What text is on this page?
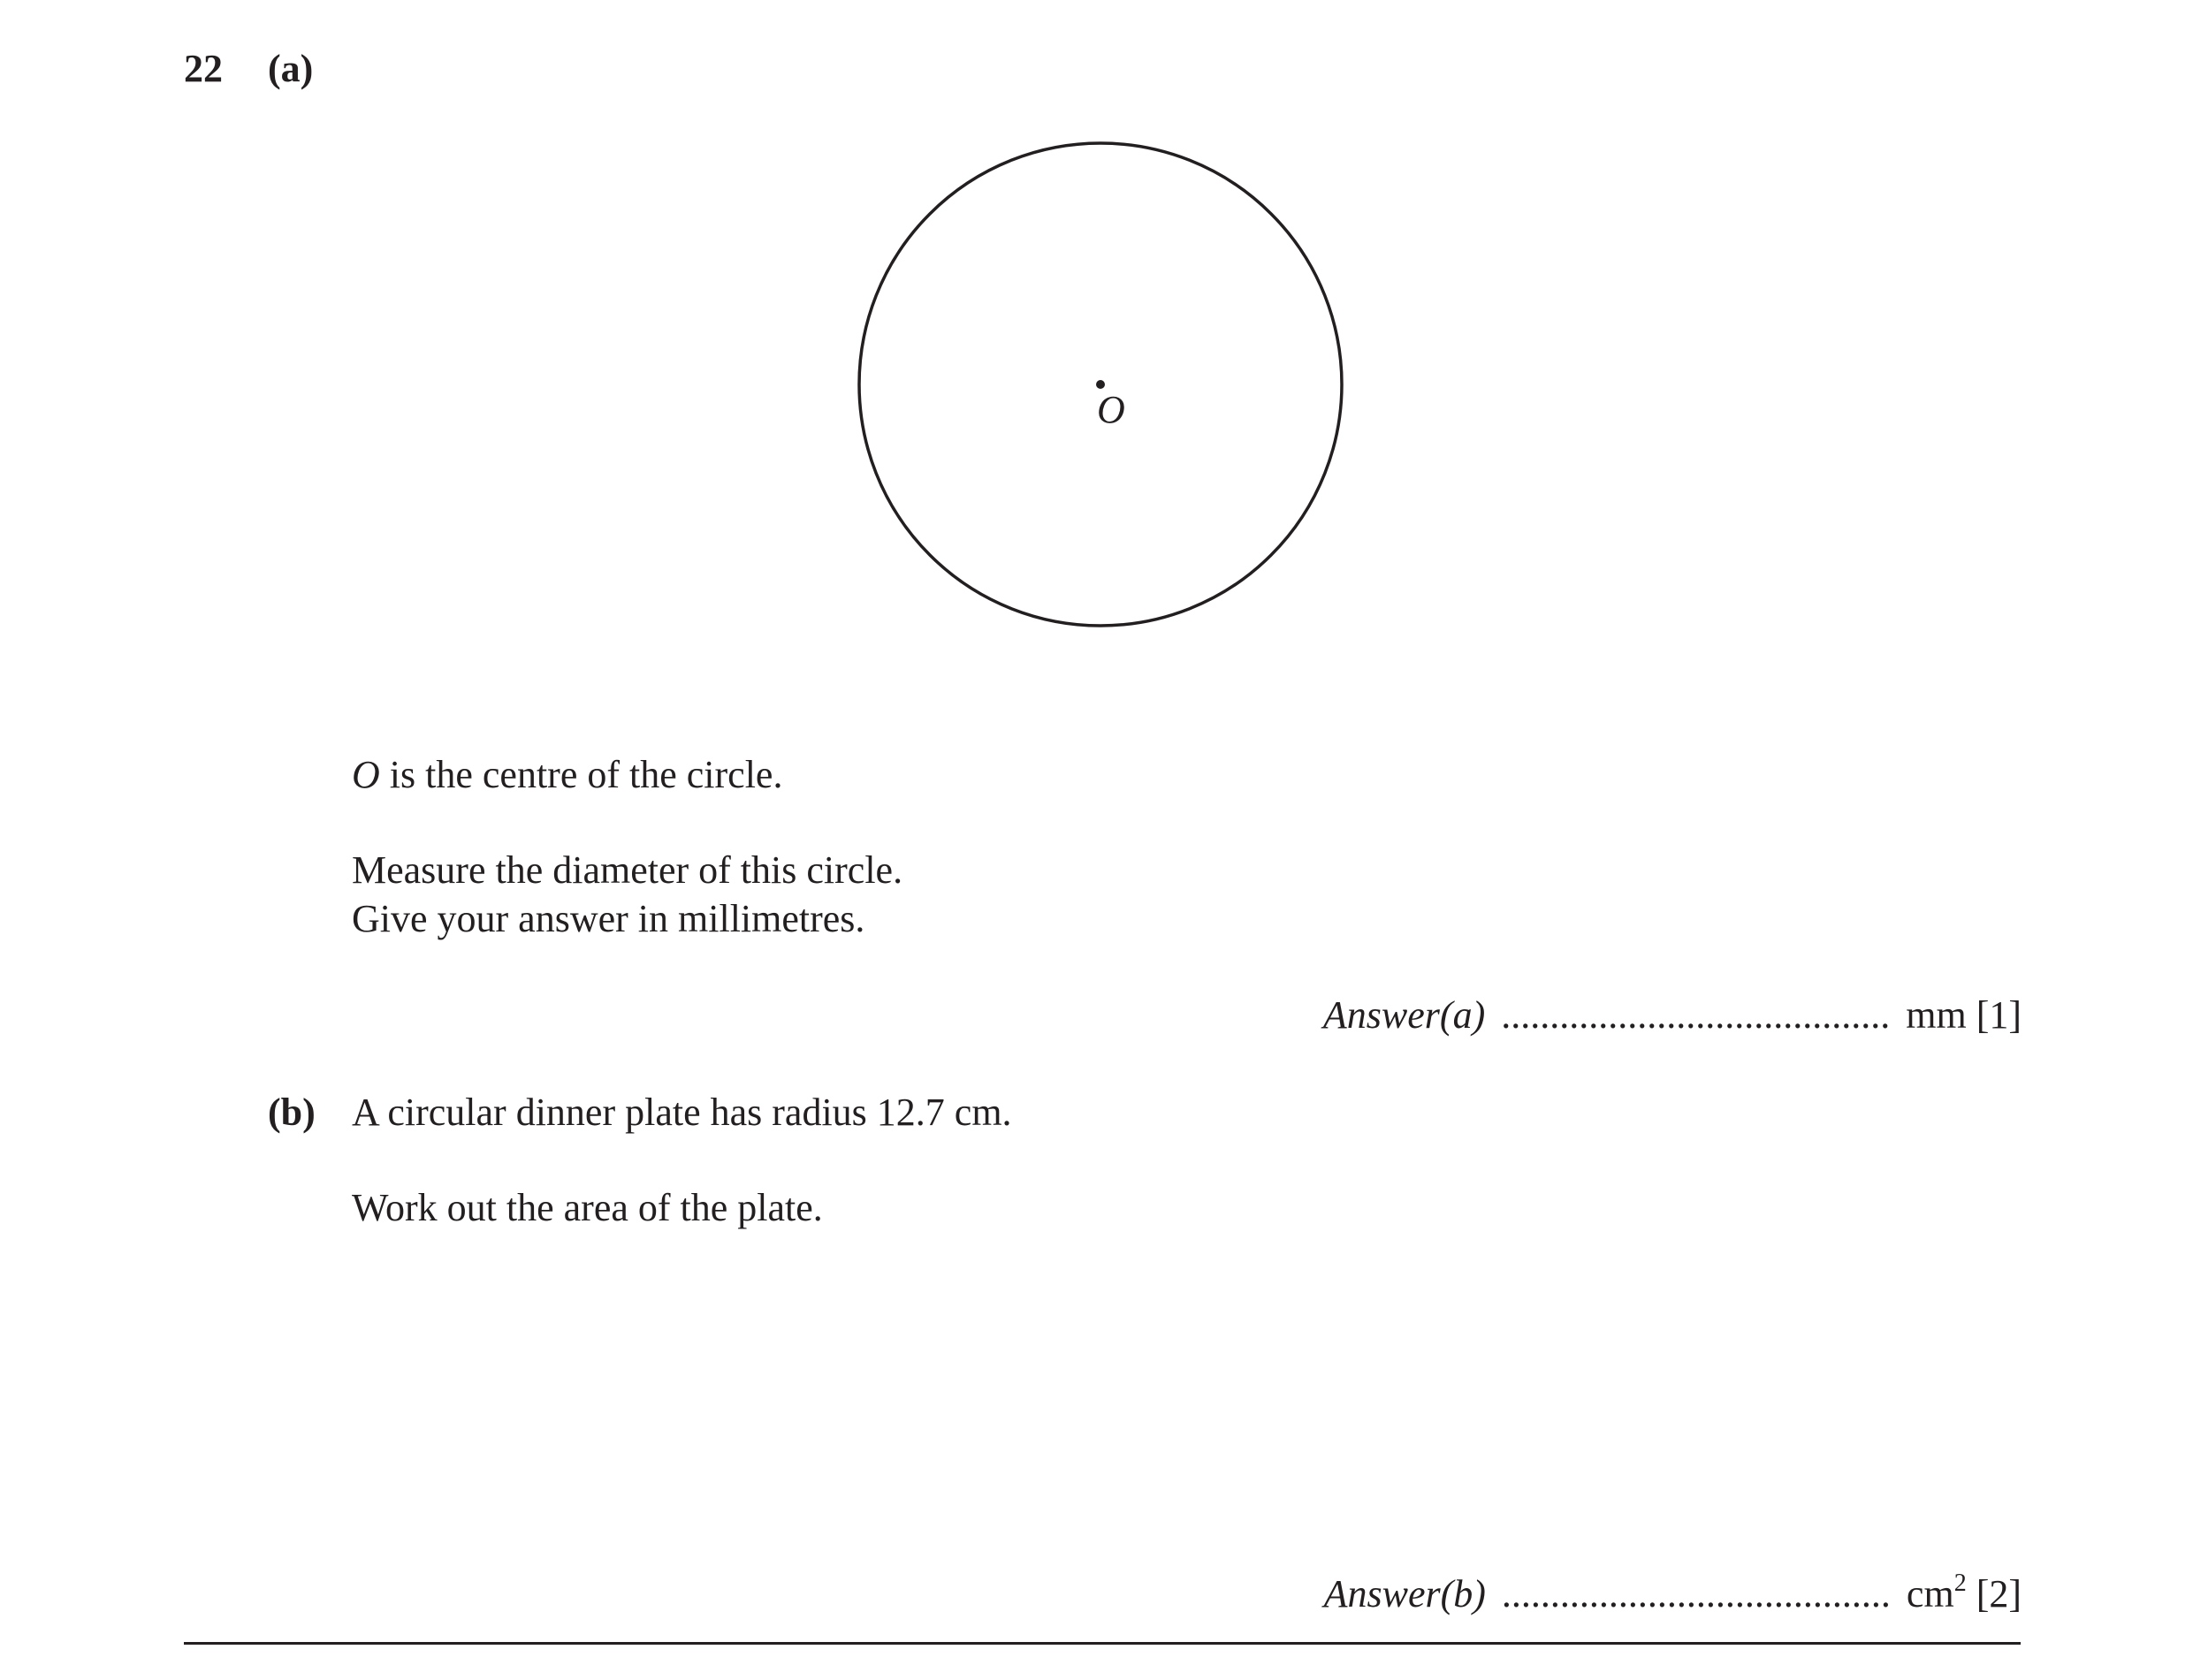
22 (a)
O
O is the centre of the circle.
Measure the diameter of this circle.
Give your answer in millimetres.
Answer(a) ........................................ mm [1]
(b) A circular dinner plate has radius 12.7 cm.
Work out the area of the plate.
Answer(b) ........................................ $cm^2$ [2]
